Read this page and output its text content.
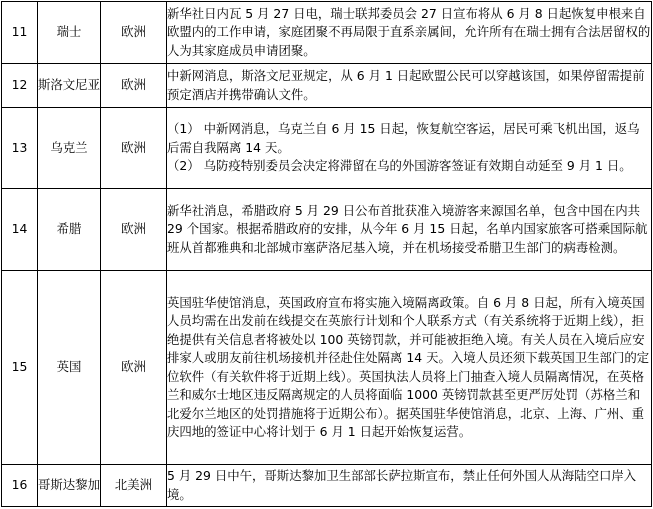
11	瑞士	欧洲	新华社日内瓦 5 月 27 日电，瑞士联邦委员会 27 日宣布将从 6 月 8 日起恢复申根来自欧盟内的工作申请，家庭团聚不再局限于直系亲属间，允许所有在瑞士拥有合法居留权的人为其家庭成员申请团聚。

12	斯洛文尼亚	欧洲	中新网消息，斯洛文尼亚规定，从 6 月 1 日起欧盟公民可以穿越该国，如果停留需提前预定酒店并携带确认文件。

13	乌克兰	欧洲	（1） 中新网消息，乌克兰自 6 月 15 日起，恢复航空客运，居民可乘飞机出国，返乌后需自我隔离 14 天。
（2） 乌防疫特别委员会决定将滞留在乌的外国游客签证有效期自动延至 9 月 1 日。

14	希腊	欧洲	新华社消息，希腊政府 5 月 29 日公布首批获准入境游客来源国名单，包含中国在内共 29 个国家。根据希腊政府的安排，从今年 6 月 15 日起，名单内国家旅客可搭乘国际航班从首都雅典和北部城市塞萨洛尼基入境，并在机场接受希腊卫生部门的病毒检测。

15	英国	欧洲	英国驻华使馆消息，英国政府宣布将实施入境隔离政策。自 6 月 8 日起，所有入境英国人员均需在出发前在线提交在英旅行计划和个人联系方式（有关系统将于近期上线），拒绝提供有关信息者将被处以 100 英镑罚款，并可能被拒绝入境。有关人员在入境后应安排家人或朋友前往机场接机并径赴住处隔离 14 天。入境人员还须下载英国卫生部门的定位软件（有关软件将于近期上线）。英国执法人员将上门抽查入境人员隔离情况，在英格兰和威尔士地区违反隔离规定的人员将面临 1000 英镑罚款甚至更严厉处罚（苏格兰和北爱尔兰地区的处罚措施将于近期公布）。据英国驻华使馆消息，北京、上海、广州、重庆四地的签证中心将计划于 6 月 1 日起开始恢复运营。

16	哥斯达黎加	北美洲	5 月 29 日中午，哥斯达黎加卫生部部长萨拉斯宣布，禁止任何外国人从海陆空口岸入境。
